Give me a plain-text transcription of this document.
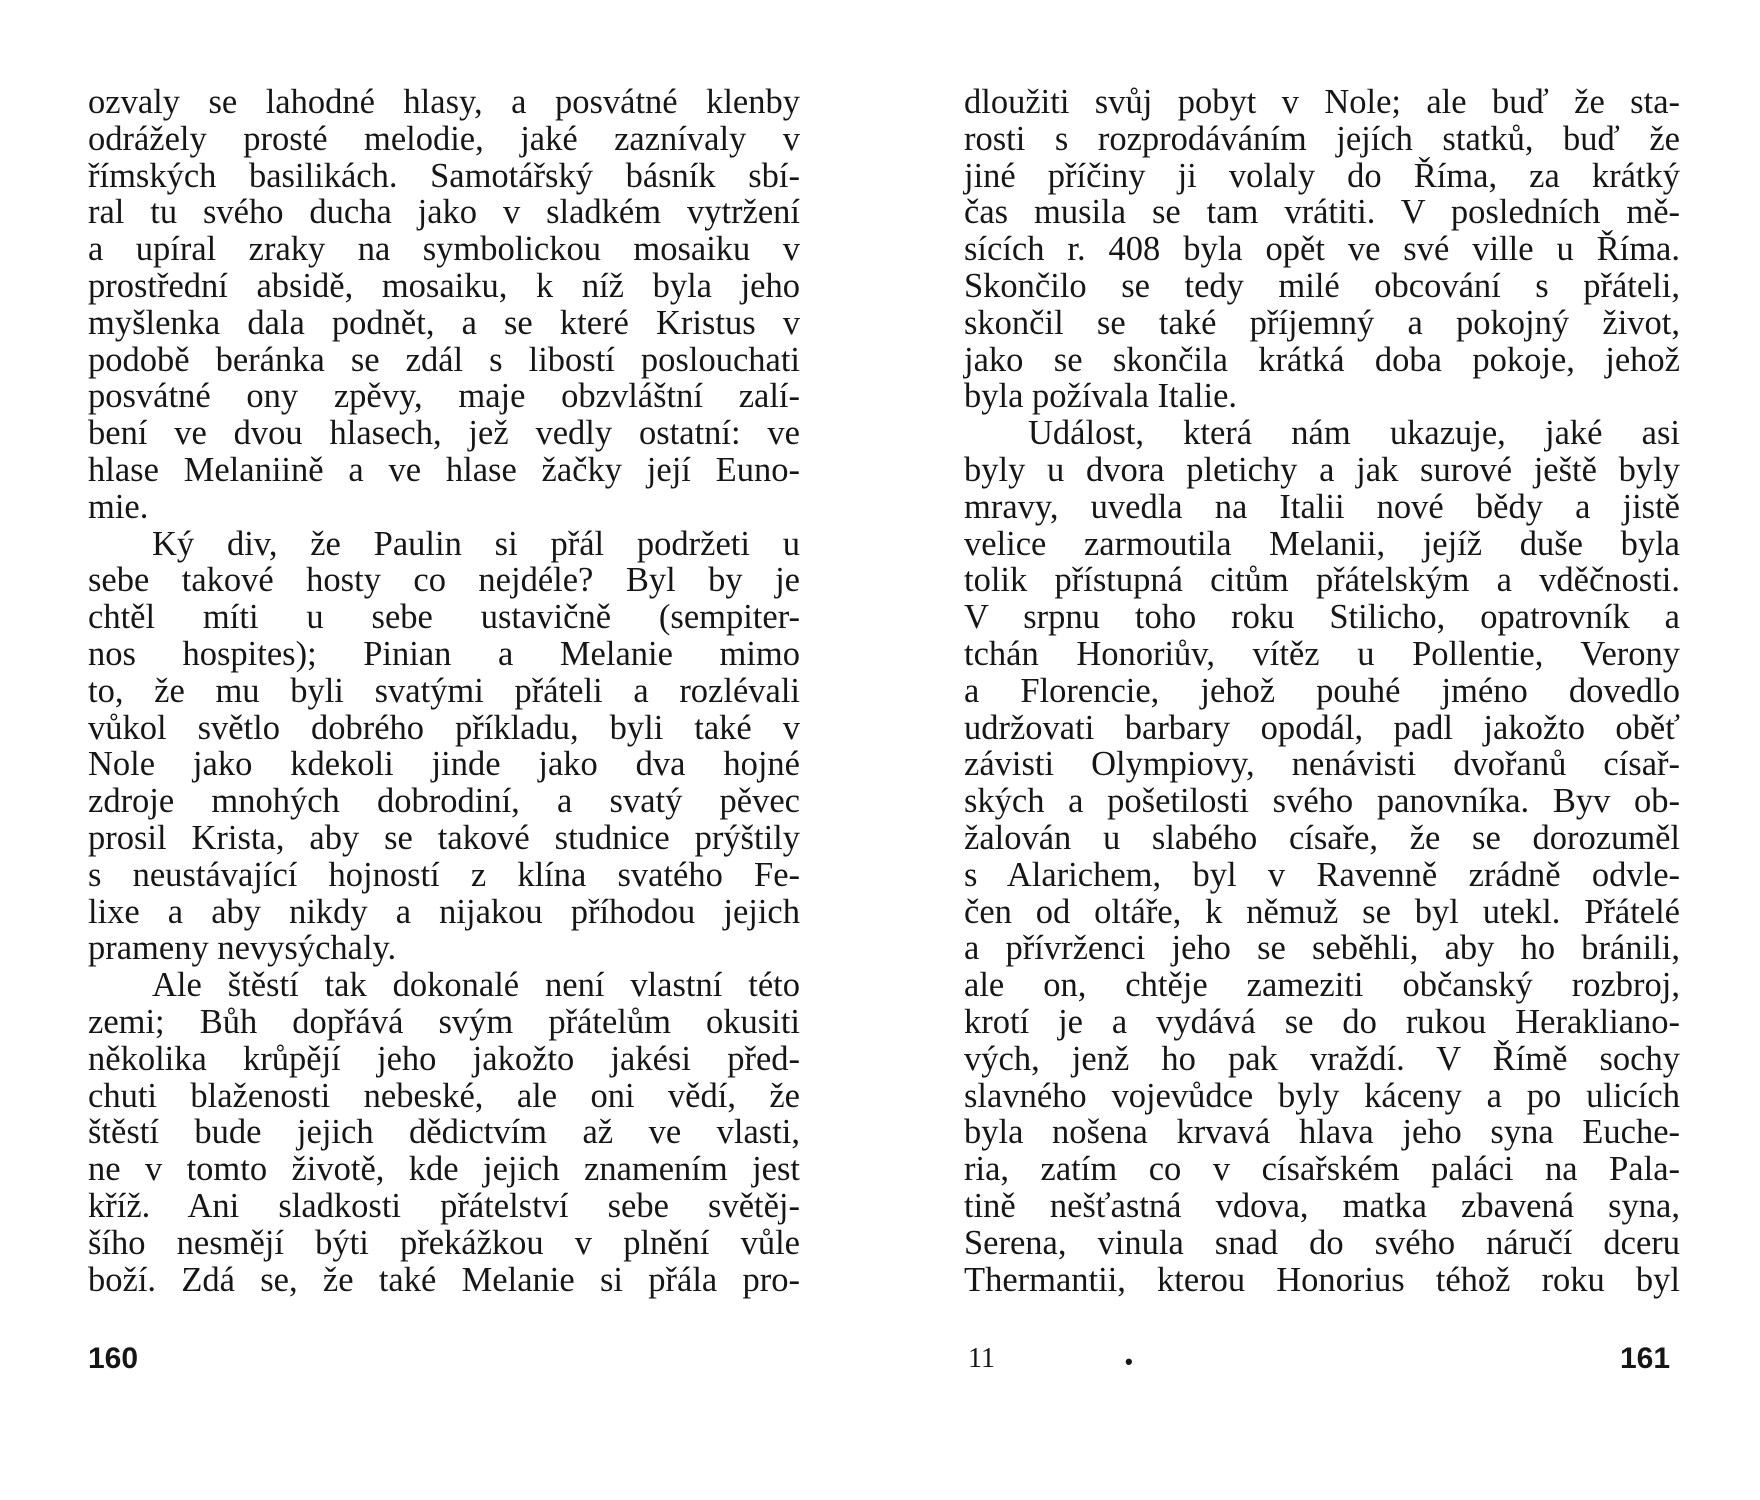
ozvaly se lahodné hlasy, a posvátné klenby
odrážely prosté melodie, jaké zaznívaly v
římských basilikách. Samotářský básník sbí-
ral tu svého ducha jako v sladkém vytržení
a upíral zraky na symbolickou mosaiku v
prostřední absidě, mosaiku, k níž byla jeho
myšlenka dala podnět, a se které Kristus v
podobě beránka se zdál s libostí poslouchati
posvátné ony zpěvy, maje obzvláštní zalí-
bení ve dvou hlasech, jež vedly ostatní: ve
hlase Melaniině a ve hlase žačky její Euno-
mie.
Ký div, že Paulin si přál podržeti u
sebe takové hosty co nejdéle? Byl by je
chtěl míti u sebe ustavičně (sempiter-
nos hospites); Pinian a Melanie mimo
to, že mu byli svatými přáteli a rozlévali
vůkol světlo dobrého příkladu, byli také v
Nole jako kdekoli jinde jako dva hojné
zdroje mnohých dobrodiní, a svatý pěvec
prosil Krista, aby se takové studnice prýštily
s neustávající hojností z klína svatého Fe-
lixe a aby nikdy a nijakou příhodou jejich
prameny nevysýchaly.
Ale štěstí tak dokonalé není vlastní této
zemi; Bůh dopřává svým přátelům okusiti
několika krůpějí jeho jakožto jakési před-
chuti blaženosti nebeské, ale oni vědí, že
štěstí bude jejich dědictvím až ve vlasti,
ne v tomto životě, kde jejich znamením jest
kříž. Ani sladkosti přátelství sebe světěj-
šího nesmějí býti překážkou v plnění vůle
boží. Zdá se, že také Melanie si přála pro-
160
dloužiti svůj pobyt v Nole; ale buď že sta-
rosti s rozprodáváním jejích statků, buď že
jiné příčiny ji volaly do Říma, za krátký
čas musila se tam vrátiti. V posledních mě-
sících r. 408 byla opět ve své ville u Říma.
Skončilo se tedy milé obcování s přáteli,
skončil se také příjemný a pokojný život,
jako se skončila krátká doba pokoje, jehož
byla požívala Italie.
Událost, která nám ukazuje, jaké asi
byly u dvora pletichy a jak surové ještě byly
mravy, uvedla na Italii nové bědy a jistě
velice zarmoutila Melanii, jejíž duše byla
tolik přístupná citům přátelským a vděčnosti.
V srpnu toho roku Stilicho, opatrovník a
tchán Honoriův, vítěz u Pollentie, Verony
a Florencie, jehož pouhé jméno dovedlo
udržovati barbary opodál, padl jakožto oběť
závisti Olympiovy, nenávisti dvořanů císař-
ských a pošetilosti svého panovníka. Byv ob-
žalován u slabého císaře, že se dorozuměl
s Alarichem, byl v Ravenně zrádně odvle-
čen od oltáře, k němuž se byl utekl. Přátelé
a přívrženci jeho se seběhli, aby ho bránili,
ale on, chtěje zameziti občanský rozbroj,
krotí je a vydává se do rukou Herakliano-
vých, jenž ho pak vraždí. V Římě sochy
slavného vojevůdce byly káceny a po ulicích
byla nošena krvavá hlava jeho syna Euche-
ria, zatím co v císařském paláci na Pala-
tině nešťastná vdova, matka zbavená syna,
Serena, vinula snad do svého náručí dceru
Thermantii, kterou Honorius téhož roku byl
11	•	161
